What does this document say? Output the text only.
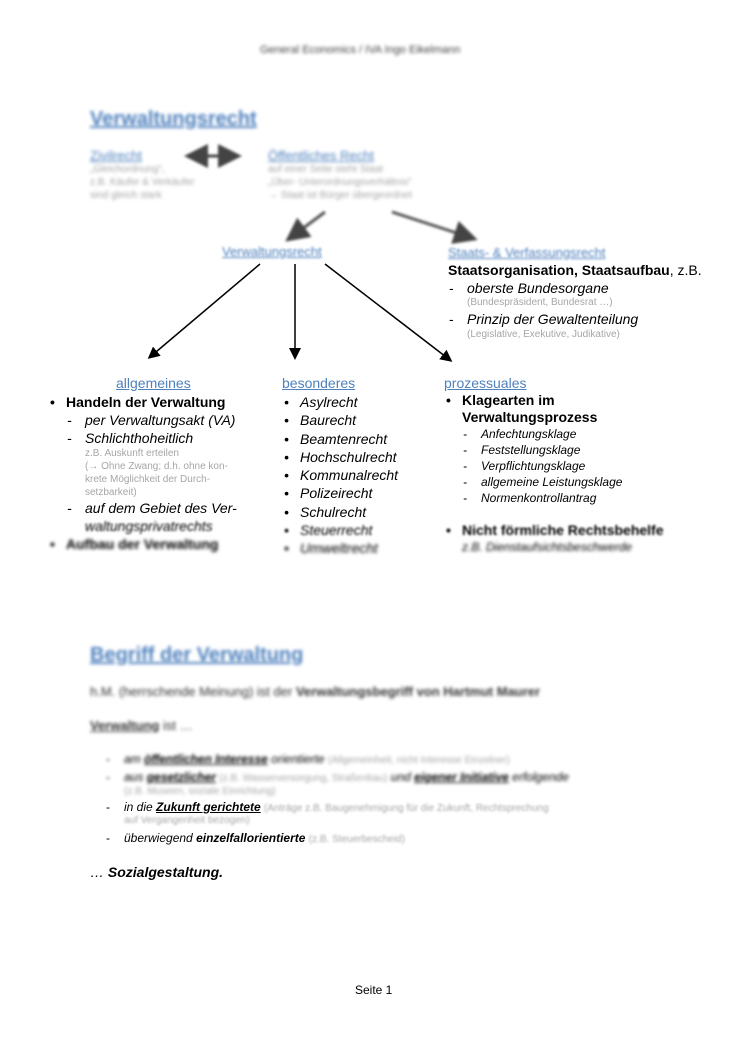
General Economics / IVA Ingo Eikelmann
Verwaltungsrecht
Zivilrecht
„Gleichordnung“,
z.B. Käufer & Verkäufer
sind gleich stark
Öffentliches Recht
auf einer Seite steht Staat
„Über- Unterordnungsverhältnis“
→ Staat ist Bürger übergeordnet
Verwaltungsrecht	Staats- & Verfassungsrecht
Staatsorganisation, Staatsaufbau, z.B.
- oberste Bundesorgane
(Bundespräsident, Bundesrat …)
- Prinzip der Gewaltenteilung
(Legislative, Exekutive, Judikative)
allgemeines
• Handeln der Verwaltung
- per Verwaltungsakt (VA)
- Schlichthoheitlich
z.B. Auskunft erteilen
(→ Ohne Zwang; d.h. ohne kon-
krete Möglichkeit der Durch-
setzbarkeit)
- auf dem Gebiet des Ver-
waltungsprivatrechts
• Aufbau der Verwaltung
besonderes
• Asylrecht
• Baurecht
• Beamtenrecht
• Hochschulrecht
• Kommunalrecht
• Polizeirecht
• Schulrecht
• Steuerrecht
• Umweltrecht
prozessuales
• Klagearten im
Verwaltungsprozess
- Anfechtungsklage
- Feststellungsklage
- Verpflichtungsklage
- allgemeine Leistungsklage
- Normenkontrollantrag
• Nicht förmliche Rechtsbehelfe
z.B. Dienstaufsichtsbeschwerde
Begriff der Verwaltung
h.M. (herrschende Meinung) ist der Verwaltungsbegriff von Hartmut Maurer
Verwaltung ist …
- am öffentlichen Interesse orientierte (Allgemeinheit, nicht Interesse Einzelner)
- aus gesetzlicher (z.B. Wasserversorgung, Straßenbau) und eigener Initiative erfolgende
(z.B. Museen, soziale Einrichtung)
- in die Zukunft gerichtete (Anträge z.B. Baugenehmigung für die Zukunft, Rechtsprechung
auf Vergangenheit bezogen)
- überwiegend einzelfallorientierte (z.B. Steuerbescheid)
… Sozialgestaltung.
Seite 1
